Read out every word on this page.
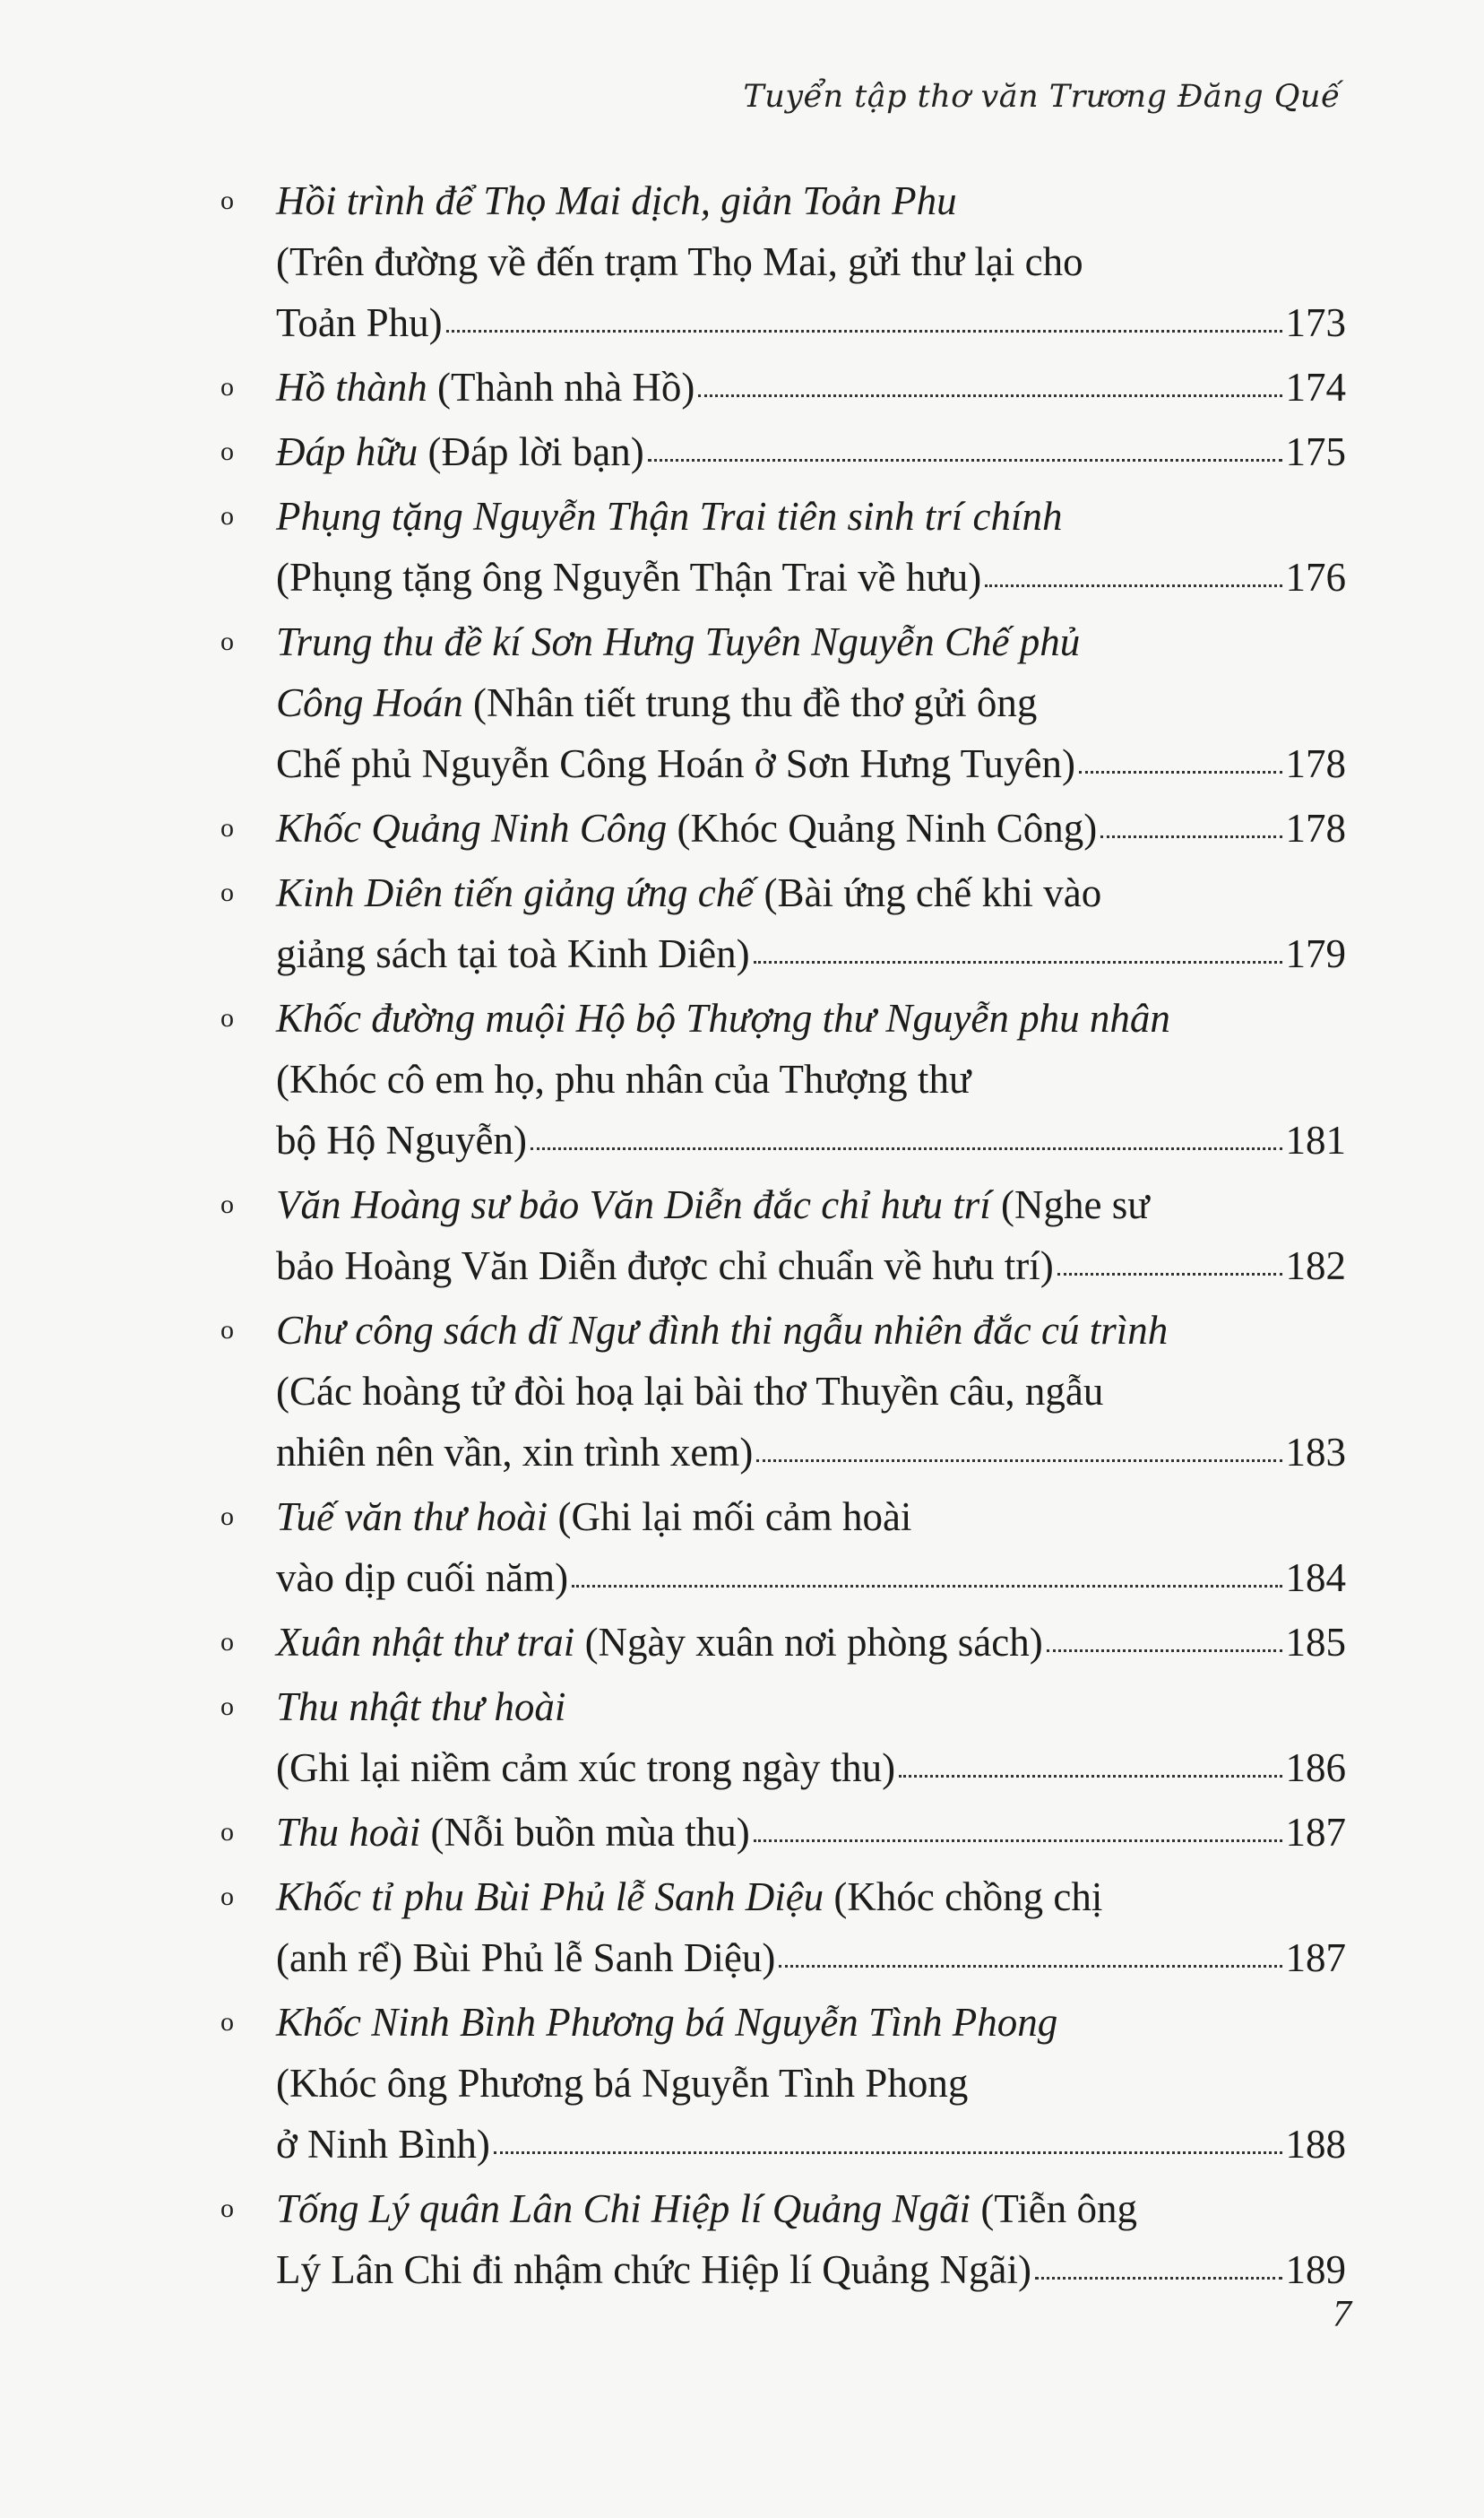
Tuyển tập thơ văn Trương Đăng Quế
o Hồi trình để Thọ Mai dịch, giản Toản Phu
(Trên đường về đến trạm Thọ Mai, gửi thư lại cho
Toản Phu)	173
o Hồ thành (Thành nhà Hồ)	174
o Đáp hữu (Đáp lời bạn)	175
o Phụng tặng Nguyễn Thận Trai tiên sinh trí chính
(Phụng tặng ông Nguyễn Thận Trai về hưu)	176
o Trung thu đề kí Sơn Hưng Tuyên Nguyễn Chế phủ
Công Hoán (Nhân tiết trung thu đề thơ gửi ông
Chế phủ Nguyễn Công Hoán ở Sơn Hưng Tuyên)	178
o Khốc Quảng Ninh Công (Khóc Quảng Ninh Công)	178
o Kinh Diên tiến giảng ứng chế (Bài ứng chế khi vào
giảng sách tại toà Kinh Diên)	179
o Khốc đường muội Hộ bộ Thượng thư Nguyễn phu nhân
(Khóc cô em họ, phu nhân của Thượng thư
bộ Hộ Nguyễn)	181
o Văn Hoàng sư bảo Văn Diễn đắc chỉ hưu trí (Nghe sư
bảo Hoàng Văn Diễn được chỉ chuẩn về hưu trí)	182
o Chư công sách dĩ Ngư đình thi ngẫu nhiên đắc cú trình
(Các hoàng tử đòi hoạ lại bài thơ Thuyền câu, ngẫu
nhiên nên vần, xin trình xem)	183
o Tuế văn thư hoài (Ghi lại mối cảm hoài
vào dịp cuối năm)	184
o Xuân nhật thư trai (Ngày xuân nơi phòng sách)	185
o Thu nhật thư hoài
(Ghi lại niềm cảm xúc trong ngày thu)	186
o Thu hoài (Nỗi buồn mùa thu)	187
o Khốc tỉ phu Bùi Phủ lễ Sanh Diệu (Khóc chồng chị
(anh rể) Bùi Phủ lễ Sanh Diệu)	187
o Khốc Ninh Bình Phương bá Nguyễn Tình Phong
(Khóc ông Phương bá Nguyễn Tình Phong
ở Ninh Bình)	188
o Tống Lý quân Lân Chi Hiệp lí Quảng Ngãi (Tiễn ông
Lý Lân Chi đi nhậm chức Hiệp lí Quảng Ngãi)	189
7
